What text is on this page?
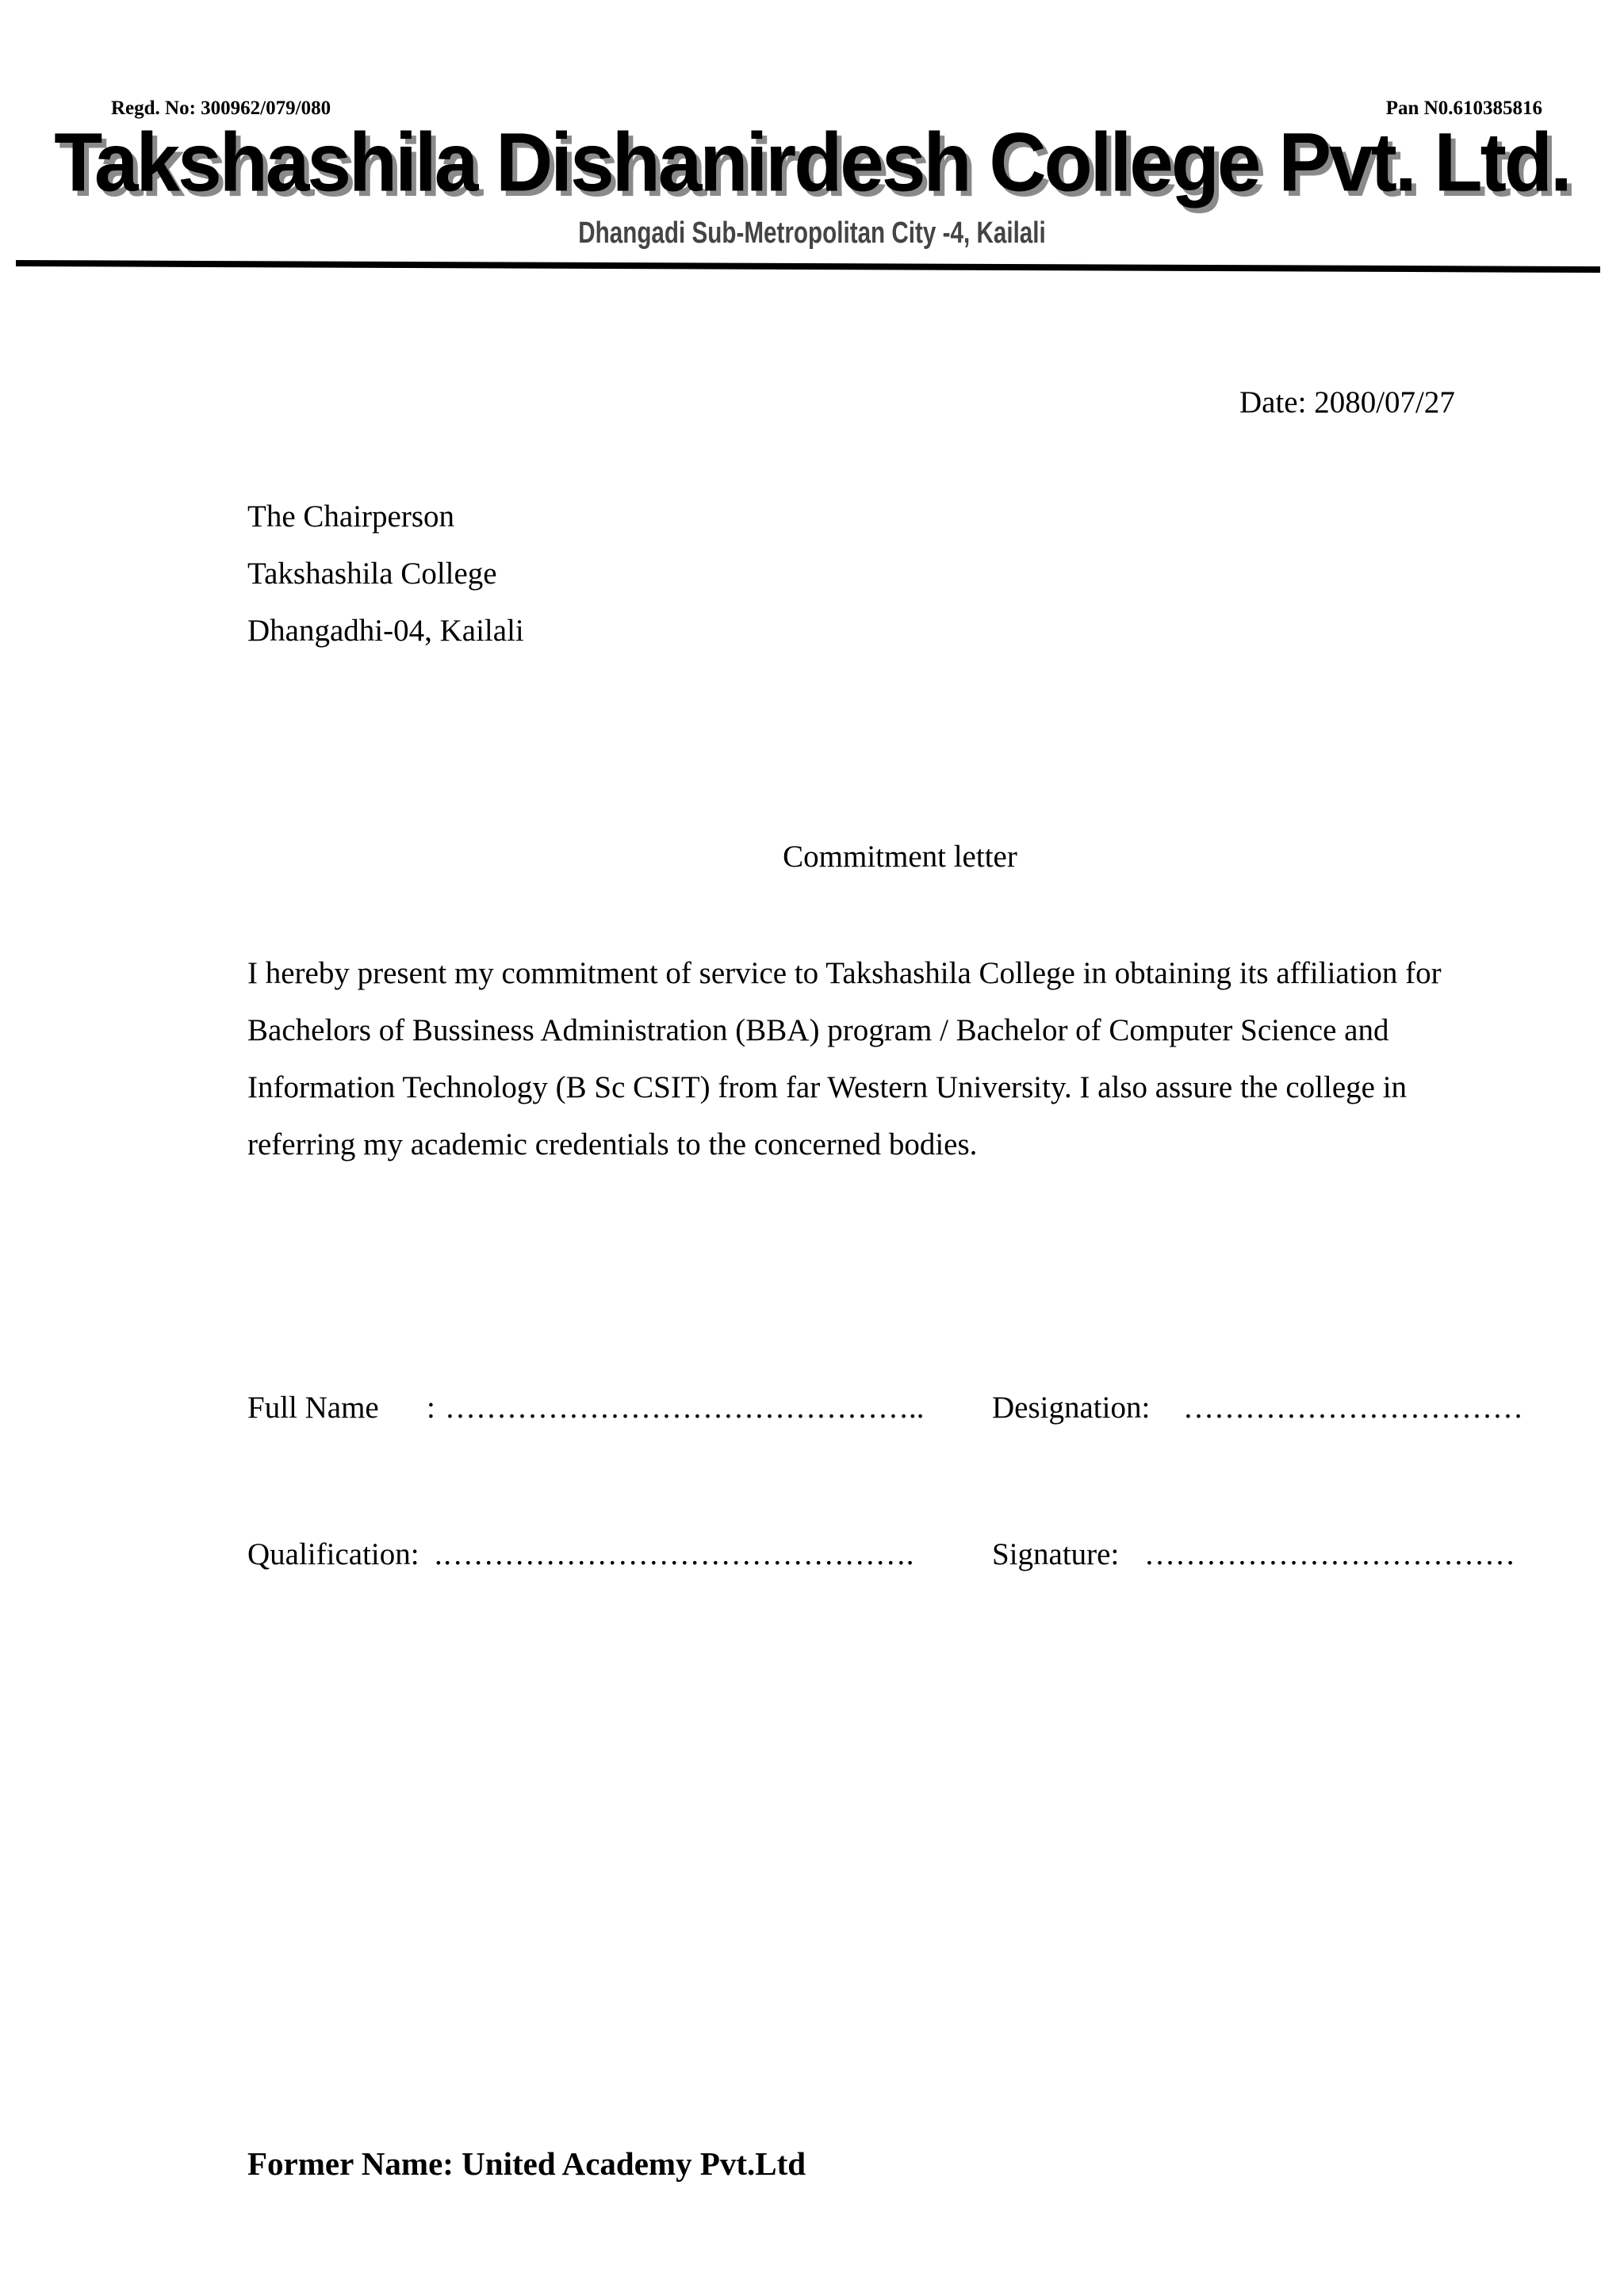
Regd. No: 300962/079/080	Pan N0.610385816
Takshashila Dishanirdesh College Pvt. Ltd.
Dhangadi Sub-Metropolitan City -4, Kailali
Date: 2080/07/27
The Chairperson
Takshashila College
Dhangadhi-04, Kailali
Commitment letter
I hereby present my commitment of service to Takshashila College in obtaining its affiliation for
Bachelors of Bussiness Administration (BBA) program / Bachelor of Computer Science and
Information Technology (B Sc CSIT) from far Western University. I also assure the college in
referring my academic credentials to the concerned bodies.
Full Name : ……………………………………….. Designation: ……………………………
Qualification: .……………………………………….	Signature: ………………………………
Former Name: United Academy Pvt.Ltd
